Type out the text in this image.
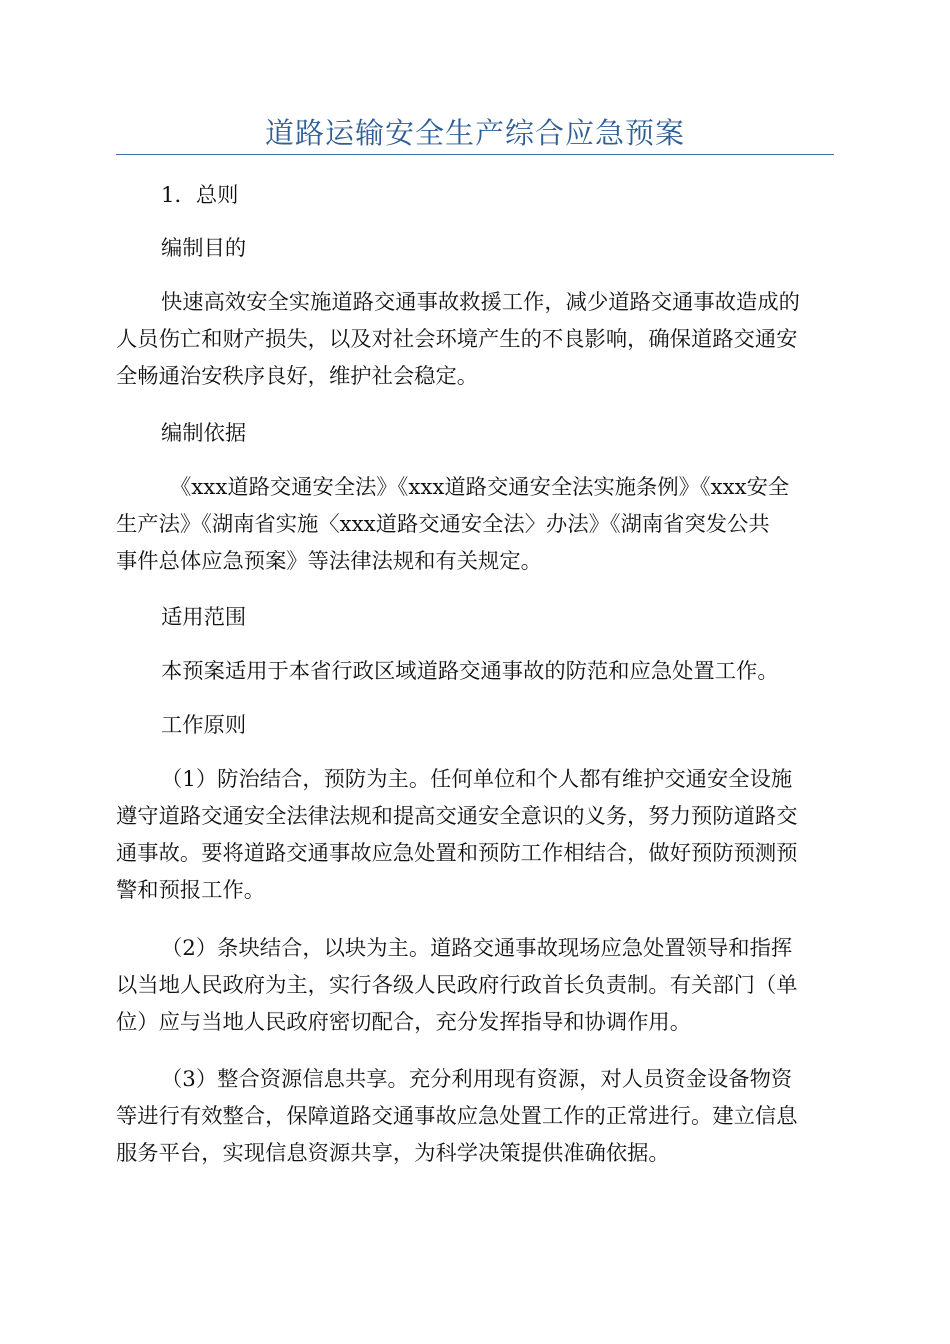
道路运输安全生产综合应急预案
1．总则
编制目的
快速高效安全实施道路交通事故救援工作，减少道路交通事故造成的
人员伤亡和财产损失，以及对社会环境产生的不良影响，确保道路交通安
全畅通治安秩序良好，维护社会稳定。
编制依据
《xxx道路交通安全法》《xxx道路交通安全法实施条例》《xxx安全
生产法》《湖南省实施〈xxx道路交通安全法〉办法》《湖南省突发公共
事件总体应急预案》等法律法规和有关规定。
适用范围
本预案适用于本省行政区域道路交通事故的防范和应急处置工作。
工作原则
（1）防治结合，预防为主。任何单位和个人都有维护交通安全设施
遵守道路交通安全法律法规和提高交通安全意识的义务，努力预防道路交
通事故。要将道路交通事故应急处置和预防工作相结合，做好预防预测预
警和预报工作。
（2）条块结合，以块为主。道路交通事故现场应急处置领导和指挥
以当地人民政府为主，实行各级人民政府行政首长负责制。有关部门（单
位）应与当地人民政府密切配合，充分发挥指导和协调作用。
（3）整合资源信息共享。充分利用现有资源，对人员资金设备物资
等进行有效整合，保障道路交通事故应急处置工作的正常进行。建立信息
服务平台，实现信息资源共享，为科学决策提供准确依据。
